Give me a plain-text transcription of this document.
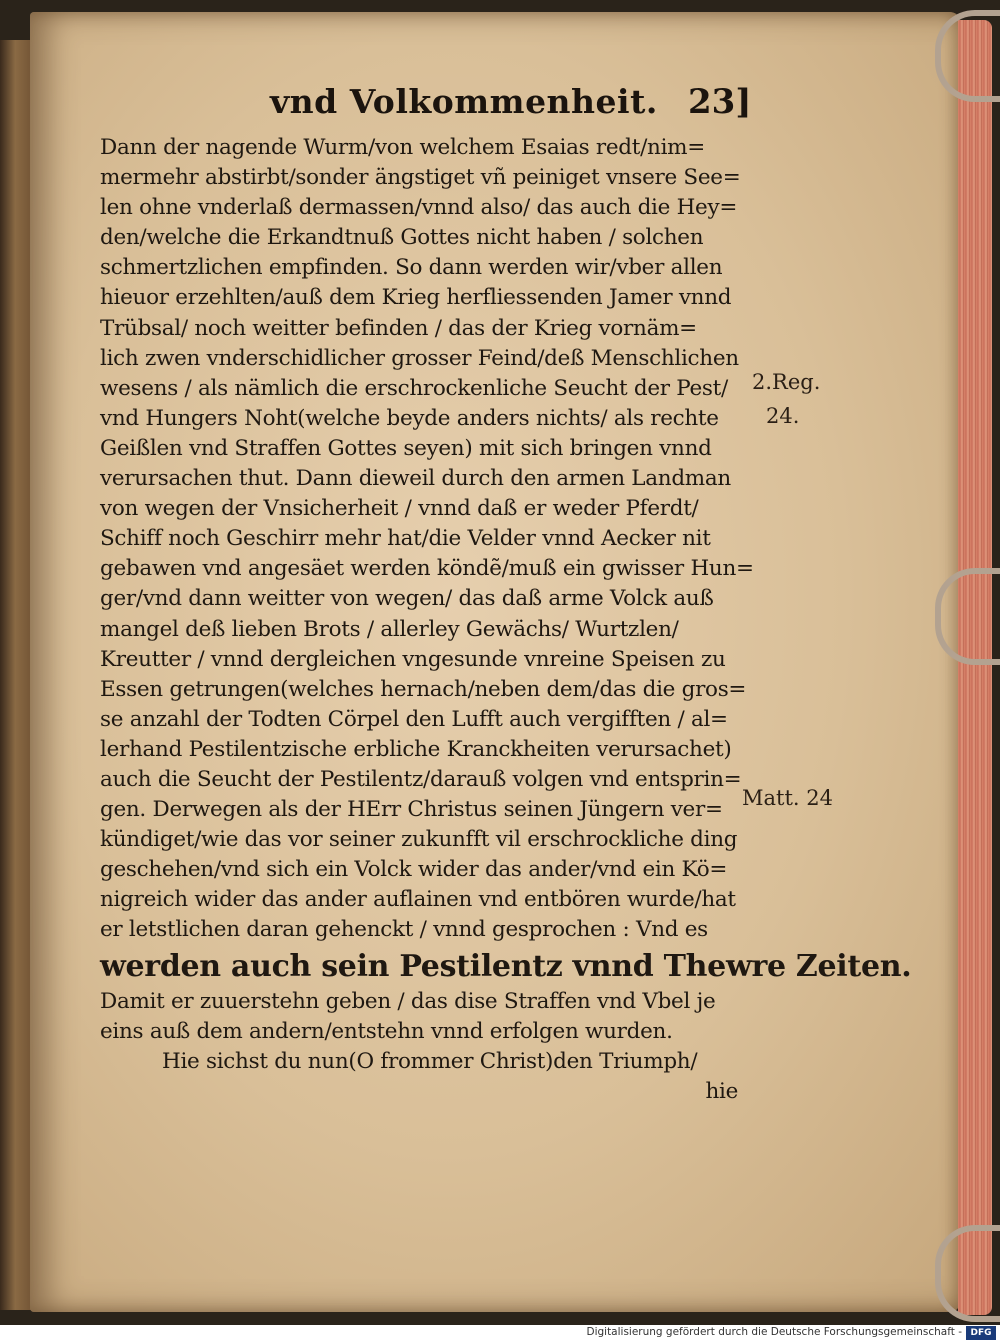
vnd Volkommenheit. 23]
Dann der nagende Wurm/von welchem Esaias redt/nim=
mermehr abstirbt/sonder ängstiget vñ peiniget vnsere See=
len ohne vnderlaß dermassen/vnnd also/ das auch die Hey=
den/welche die Erkandtnuß Gottes nicht haben / solchen
schmertzlichen empfinden. So dann werden wir/vber allen
hieuor erzehlten/auß dem Krieg herfliessenden Jamer vnnd
Trübsal/ noch weitter befinden / das der Krieg vornäm=
lich zwen vnderschidlicher grosser Feind/deß Menschlichen
wesens / als nämlich die erschrockenliche Seucht der Pest/
vnd Hungers Noht(welche beyde anders nichts/ als rechte
Geißlen vnd Straffen Gottes seyen) mit sich bringen vnnd
verursachen thut. Dann dieweil durch den armen Landman
von wegen der Vnsicherheit / vnnd daß er weder Pferdt/
Schiff noch Geschirr mehr hat/die Velder vnnd Aecker nit
gebawen vnd angesäet werden köndẽ/muß ein gwisser Hun=
ger/vnd dann weitter von wegen/ das daß arme Volck auß
mangel deß lieben Brots / allerley Gewächs/ Wurtzlen/
Kreutter / vnnd dergleichen vngesunde vnreine Speisen zu
Essen getrungen(welches hernach/neben dem/das die gros=
se anzahl der Todten Cörpel den Lufft auch vergifften / al=
lerhand Pestilentzische erbliche Kranckheiten verursachet)
auch die Seucht der Pestilentz/darauß volgen vnd entsprin=
gen. Derwegen als der HErr Christus seinen Jüngern ver=
kündiget/wie das vor seiner zukunfft vil erschrockliche ding
geschehen/vnd sich ein Volck wider das ander/vnd ein Kö=
nigreich wider das ander auflainen vnd entbören wurde/hat
er letstlichen daran gehenckt / vnnd gesprochen : Vnd es
werden auch sein Pestilentz vnnd Thewre Zeiten.
Damit er zuuerstehn geben / das dise Straffen vnd Vbel je
eins auß dem andern/entstehn vnnd erfolgen wurden.
Hie sichst du nun(O frommer Christ)den Triumph/
hie
2.Reg.
24.
Matt. 24
Digitalisierung gefördert durch die Deutsche Forschungsgemeinschaft - DFG
